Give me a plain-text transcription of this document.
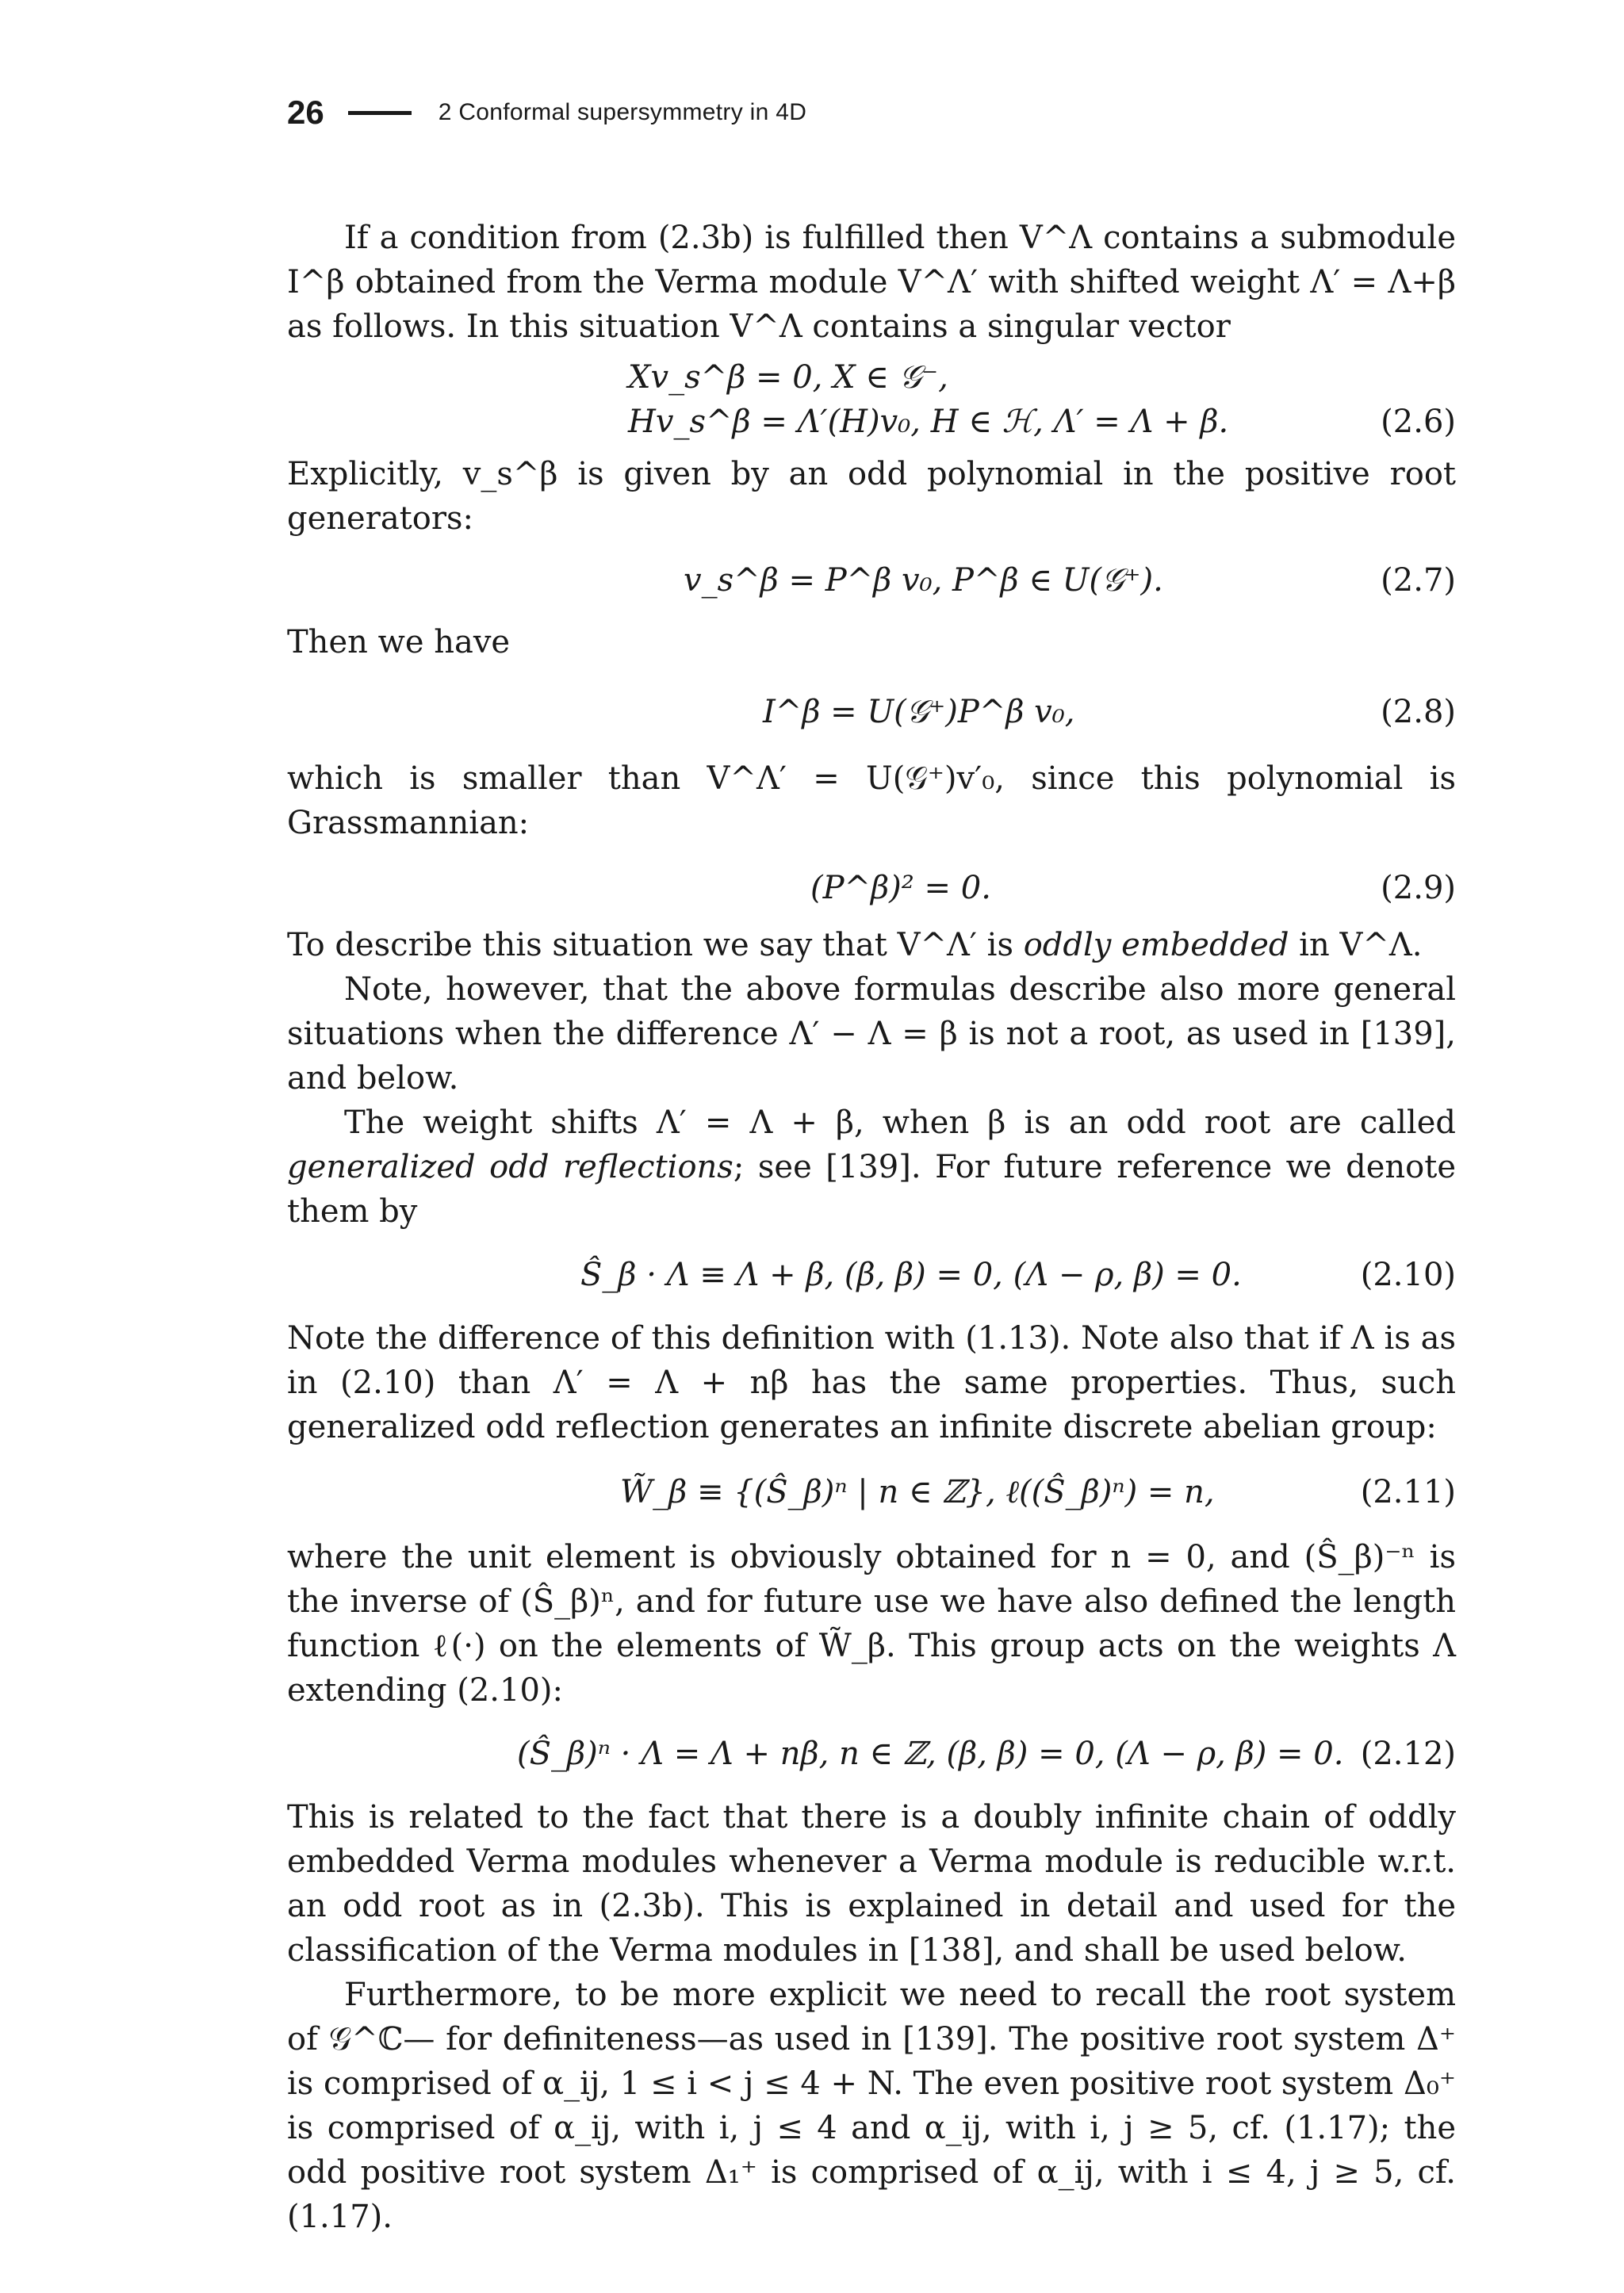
26	2 Conformal supersymmetry in 4D

If a condition from (2.3b) is fulfilled then V^Λ contains a submodule I^β obtained from the Verma module V^Λ′ with shifted weight Λ′ = Λ+β as follows. In this situation V^Λ contains a singular vector

Xv_s^β = 0, X ∈ 𝒢⁻,
Hv_s^β = Λ′(H)v₀, H ∈ ℋ, Λ′ = Λ + β.	(2.6)

Explicitly, v_s^β is given by an odd polynomial in the positive root generators:

v_s^β = P^β v₀, P^β ∈ U(𝒢⁺).	(2.7)

Then we have

I^β = U(𝒢⁺)P^β v₀,	(2.8)

which is smaller than V^Λ′ = U(𝒢⁺)v′₀, since this polynomial is Grassmannian:

(P^β)² = 0.	(2.9)

To describe this situation we say that V^Λ′ is oddly embedded in V^Λ.

Note, however, that the above formulas describe also more general situations when the difference Λ′ − Λ = β is not a root, as used in [139], and below.

The weight shifts Λ′ = Λ + β, when β is an odd root are called generalized odd reflections; see [139]. For future reference we denote them by

Ŝ_β · Λ ≡ Λ + β, (β, β) = 0, (Λ − ρ, β) = 0.	(2.10)

Note the difference of this definition with (1.13). Note also that if Λ is as in (2.10) than Λ′ = Λ + nβ has the same properties. Thus, such generalized odd reflection generates an infinite discrete abelian group:

W̃_β ≡ {(Ŝ_β)ⁿ | n ∈ ℤ}, ℓ((Ŝ_β)ⁿ) = n,	(2.11)

where the unit element is obviously obtained for n = 0, and (Ŝ_β)⁻ⁿ is the inverse of (Ŝ_β)ⁿ, and for future use we have also defined the length function ℓ(·) on the elements of W̃_β. This group acts on the weights Λ extending (2.10):

(Ŝ_β)ⁿ · Λ = Λ + nβ, n ∈ ℤ, (β, β) = 0, (Λ − ρ, β) = 0. (2.12)

This is related to the fact that there is a doubly infinite chain of oddly embedded Verma modules whenever a Verma module is reducible w.r.t. an odd root as in (2.3b). This is explained in detail and used for the classification of the Verma modules in [138], and shall be used below.

Furthermore, to be more explicit we need to recall the root system of 𝒢^ℂ— for definiteness—as used in [139]. The positive root system Δ⁺ is comprised of α_ij, 1 ≤ i < j ≤ 4 + N. The even positive root system Δ₀⁺ is comprised of α_ij, with i, j ≤ 4 and α_ij, with i, j ≥ 5, cf. (1.17); the odd positive root system Δ₁⁺ is comprised of α_ij, with i ≤ 4, j ≥ 5, cf. (1.17).
